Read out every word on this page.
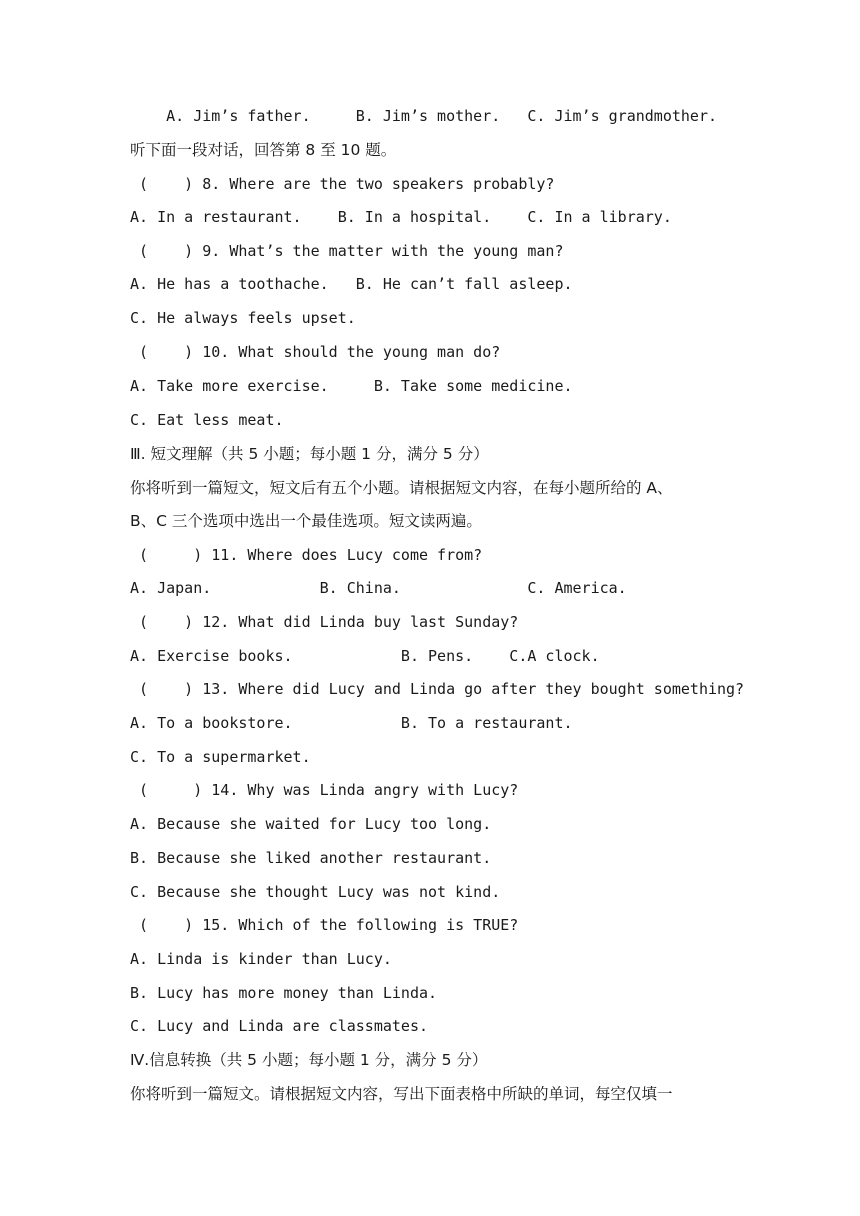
A. Jim’s father.     B. Jim’s mother.   C. Jim’s grandmother.
听下面一段对话，回答第 8 至 10 题。
(    ) 8. Where are the two speakers probably?
A. In a restaurant.    B. In a hospital.    C. In a library.
(    ) 9. What’s the matter with the young man?
A. He has a toothache.   B. He can’t fall asleep.
C. He always feels upset.
(    ) 10. What should the young man do?
A. Take more exercise.     B. Take some medicine.
C. Eat less meat.
Ⅲ. 短文理解（共 5 小题；每小题 1 分，满分 5 分）
你将听到一篇短文，短文后有五个小题。请根据短文内容，在每小题所给的 A、
B、C 三个选项中选出一个最佳选项。短文读两遍。
(     ) 11. Where does Lucy come from?
A. Japan.            B. China.              C. America.
(    ) 12. What did Linda buy last Sunday?
A. Exercise books.            B. Pens.    C.A clock.
(    ) 13. Where did Lucy and Linda go after they bought something?
A. To a bookstore.            B. To a restaurant.
C. To a supermarket.
(     ) 14. Why was Linda angry with Lucy?
A. Because she waited for Lucy too long.
B. Because she liked another restaurant.
C. Because she thought Lucy was not kind.
(    ) 15. Which of the following is TRUE?
A. Linda is kinder than Lucy.
B. Lucy has more money than Linda.
C. Lucy and Linda are classmates.
Ⅳ.信息转换（共 5 小题；每小题 1 分，满分 5 分）
你将听到一篇短文。请根据短文内容，写出下面表格中所缺的单词，每空仅填一
